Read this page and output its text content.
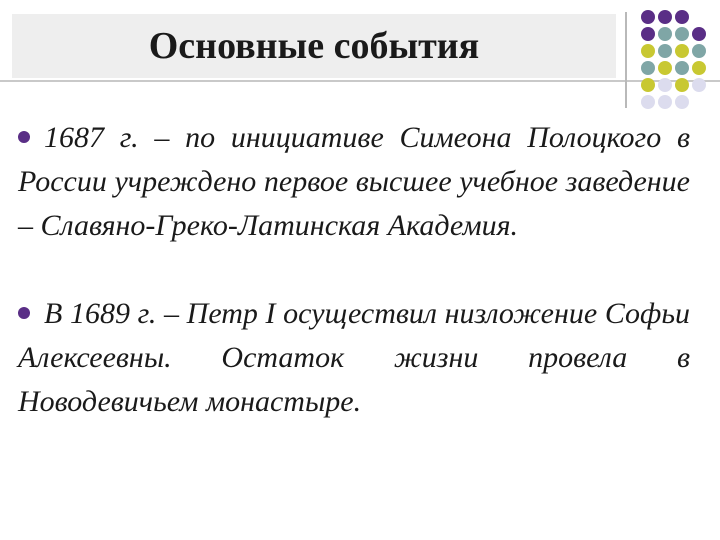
Основные события

1687 г. – по инициативе Симеона Полоцкого в России учреждено первое высшее учебное заведение – Славяно-Греко-Латинская Академия.

В 1689 г. – Петр I осуществил низложение Софьи Алексеевны. Остаток жизни провела в Новодевичьем монастыре.
